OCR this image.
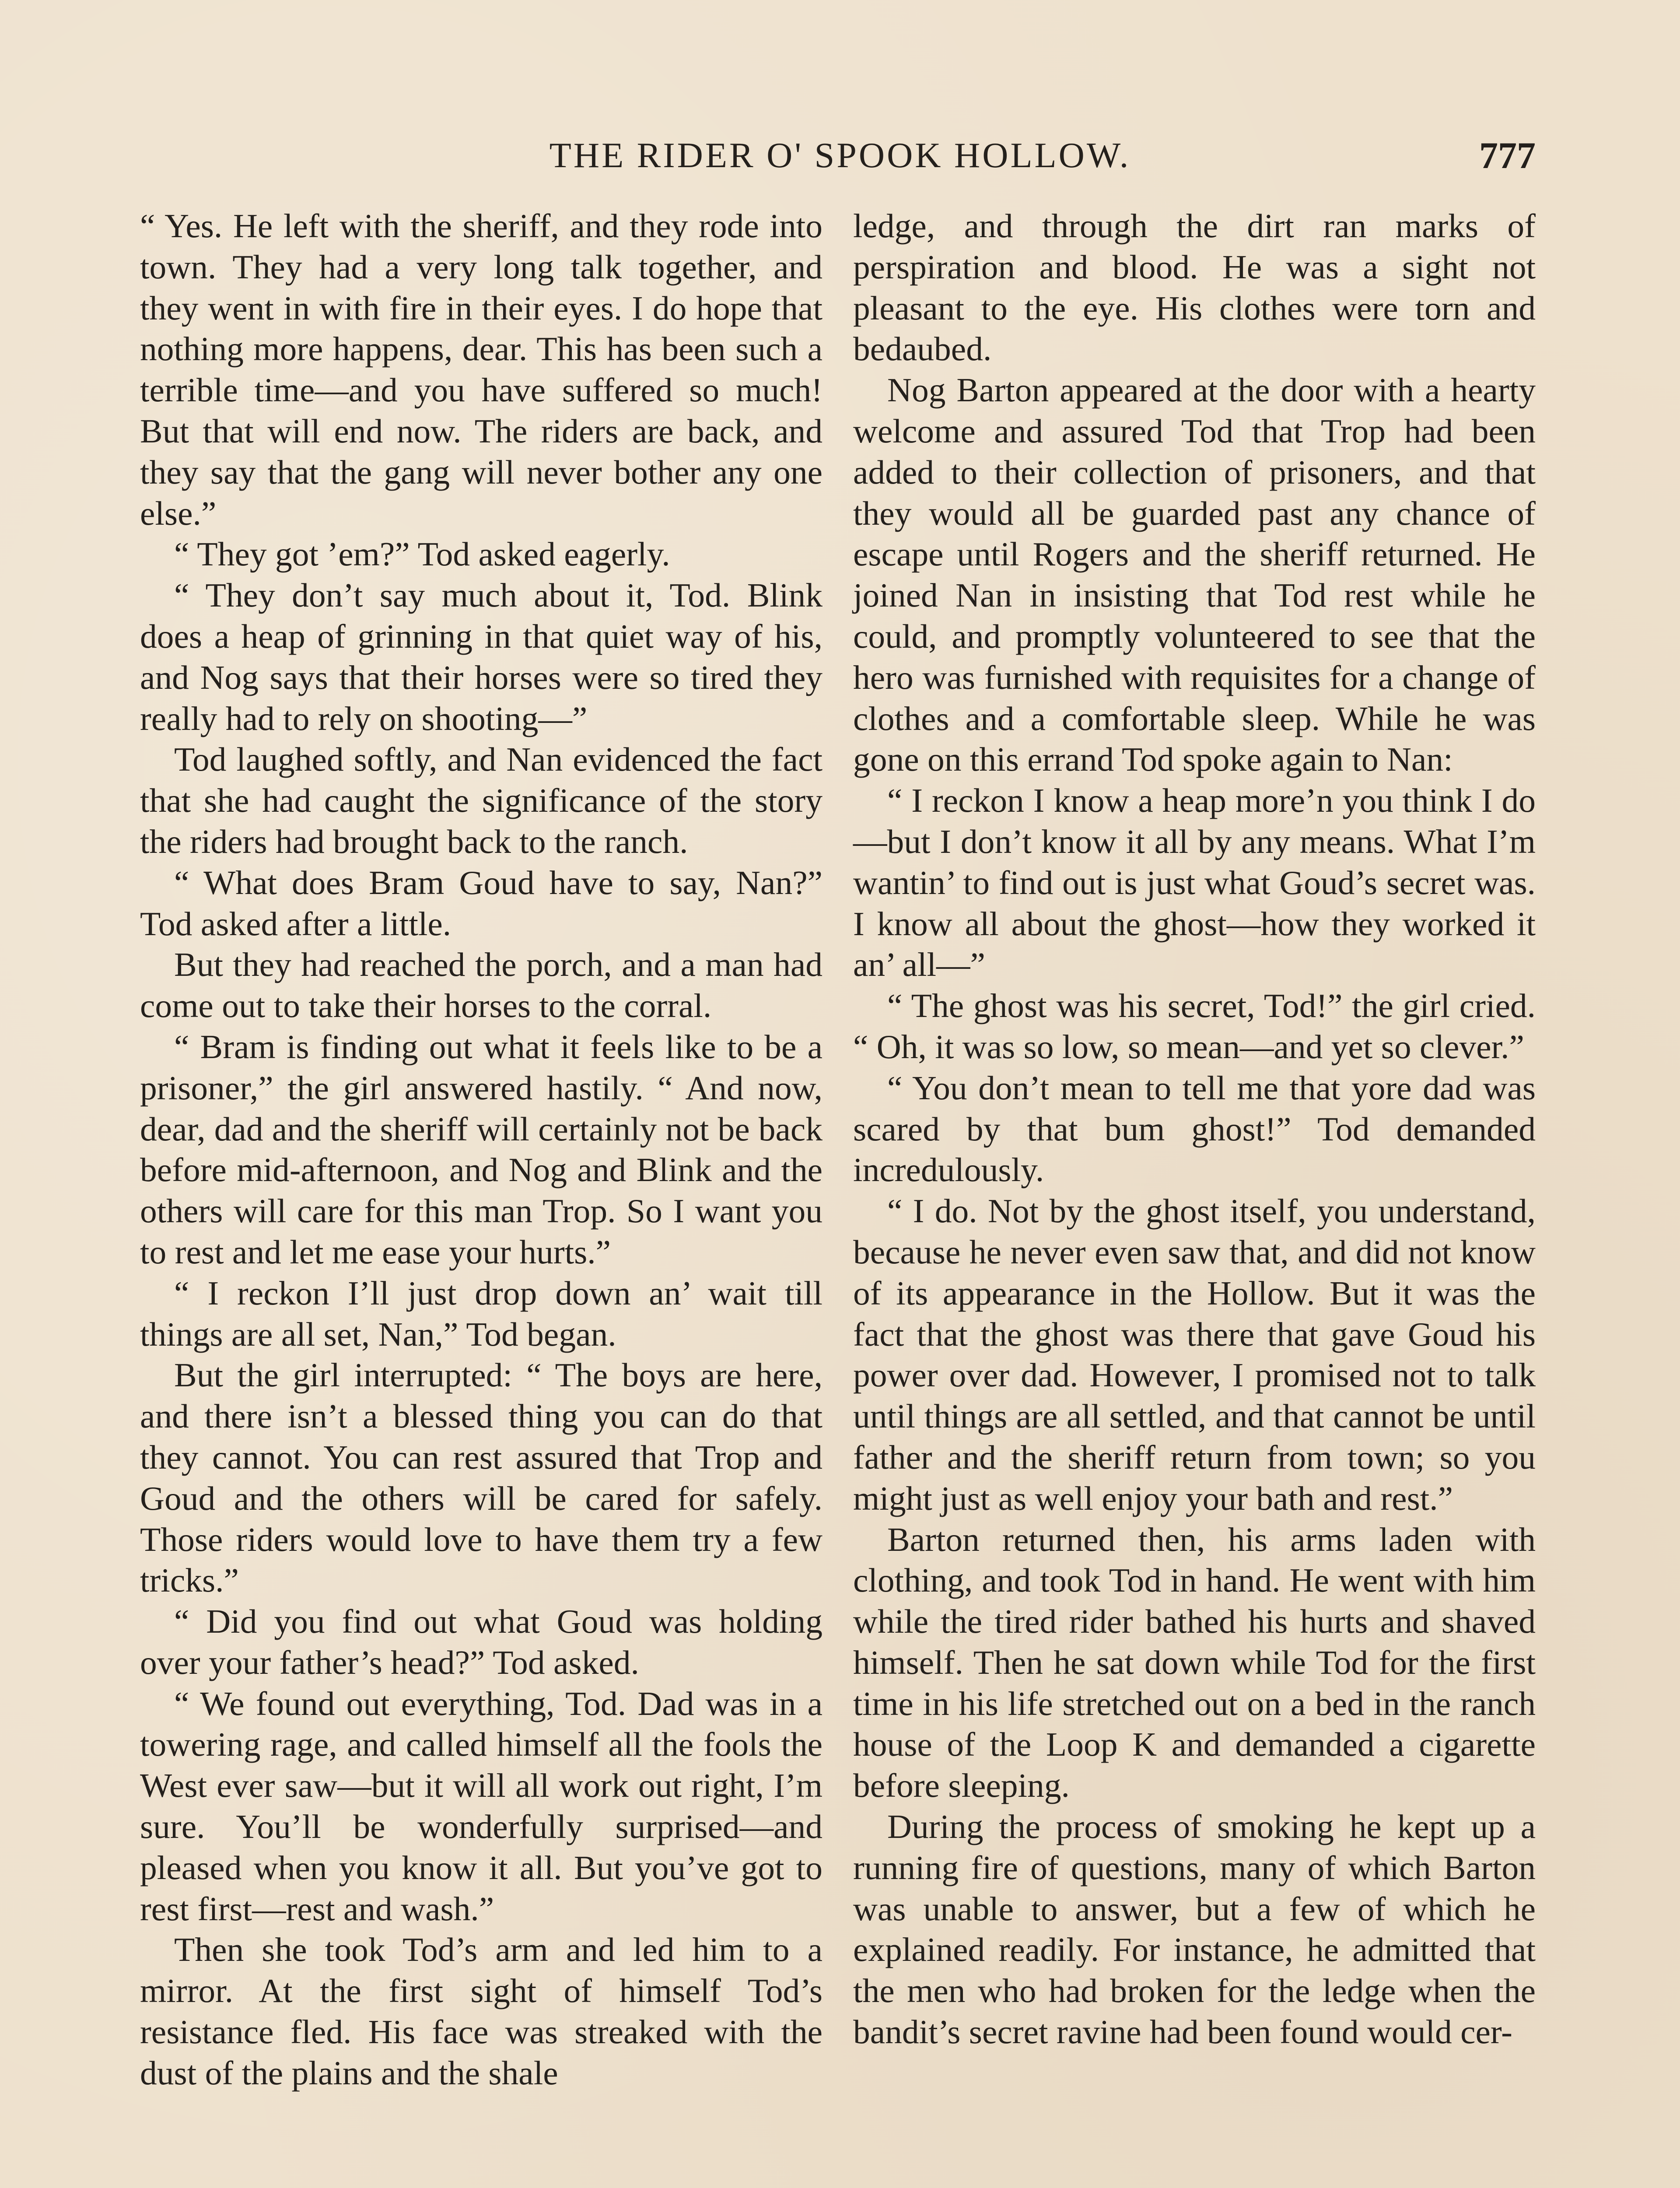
THE RIDER O' SPOOK HOLLOW.	777

“ Yes. He left with the sheriff, and they rode into town. They had a very long talk together, and they went in with fire in their eyes. I do hope that nothing more happens, dear. This has been such a terrible time—and you have suffered so much! But that will end now. The riders are back, and they say that the gang will never bother any one else.”

“ They got ’em?” Tod asked eagerly.

“ They don’t say much about it, Tod. Blink does a heap of grinning in that quiet way of his, and Nog says that their horses were so tired they really had to rely on shooting—”

Tod laughed softly, and Nan evidenced the fact that she had caught the significance of the story the riders had brought back to the ranch.

“ What does Bram Goud have to say, Nan?” Tod asked after a little.

But they had reached the porch, and a man had come out to take their horses to the corral.

“ Bram is finding out what it feels like to be a prisoner,” the girl answered hastily. “ And now, dear, dad and the sheriff will certainly not be back before mid-afternoon, and Nog and Blink and the others will care for this man Trop. So I want you to rest and let me ease your hurts.”

“ I reckon I’ll just drop down an’ wait till things are all set, Nan,” Tod began.

But the girl interrupted: “ The boys are here, and there isn’t a blessed thing you can do that they cannot. You can rest assured that Trop and Goud and the others will be cared for safely. Those riders would love to have them try a few tricks.”

“ Did you find out what Goud was holding over your father’s head?” Tod asked.

“ We found out everything, Tod. Dad was in a towering rage, and called himself all the fools the West ever saw—but it will all work out right, I’m sure. You’ll be wonderfully surprised—and pleased when you know it all. But you’ve got to rest first—rest and wash.”

Then she took Tod’s arm and led him to a mirror. At the first sight of himself Tod’s resistance fled. His face was streaked with the dust of the plains and the shale

ledge, and through the dirt ran marks of perspiration and blood. He was a sight not pleasant to the eye. His clothes were torn and bedaubed.

Nog Barton appeared at the door with a hearty welcome and assured Tod that Trop had been added to their collection of prisoners, and that they would all be guarded past any chance of escape until Rogers and the sheriff returned. He joined Nan in insisting that Tod rest while he could, and promptly volunteered to see that the hero was furnished with requisites for a change of clothes and a comfortable sleep. While he was gone on this errand Tod spoke again to Nan:

“ I reckon I know a heap more’n you think I do—but I don’t know it all by any means. What I’m wantin’ to find out is just what Goud’s secret was. I know all about the ghost—how they worked it an’ all—”

“ The ghost was his secret, Tod!” the girl cried. “ Oh, it was so low, so mean—and yet so clever.”

“ You don’t mean to tell me that yore dad was scared by that bum ghost!” Tod demanded incredulously.

“ I do. Not by the ghost itself, you understand, because he never even saw that, and did not know of its appearance in the Hollow. But it was the fact that the ghost was there that gave Goud his power over dad. However, I promised not to talk until things are all settled, and that cannot be until father and the sheriff return from town; so you might just as well enjoy your bath and rest.”

Barton returned then, his arms laden with clothing, and took Tod in hand. He went with him while the tired rider bathed his hurts and shaved himself. Then he sat down while Tod for the first time in his life stretched out on a bed in the ranch house of the Loop K and demanded a cigarette before sleeping.

During the process of smoking he kept up a running fire of questions, many of which Barton was unable to answer, but a few of which he explained readily. For instance, he admitted that the men who had broken for the ledge when the bandit’s secret ravine had been found would cer-
